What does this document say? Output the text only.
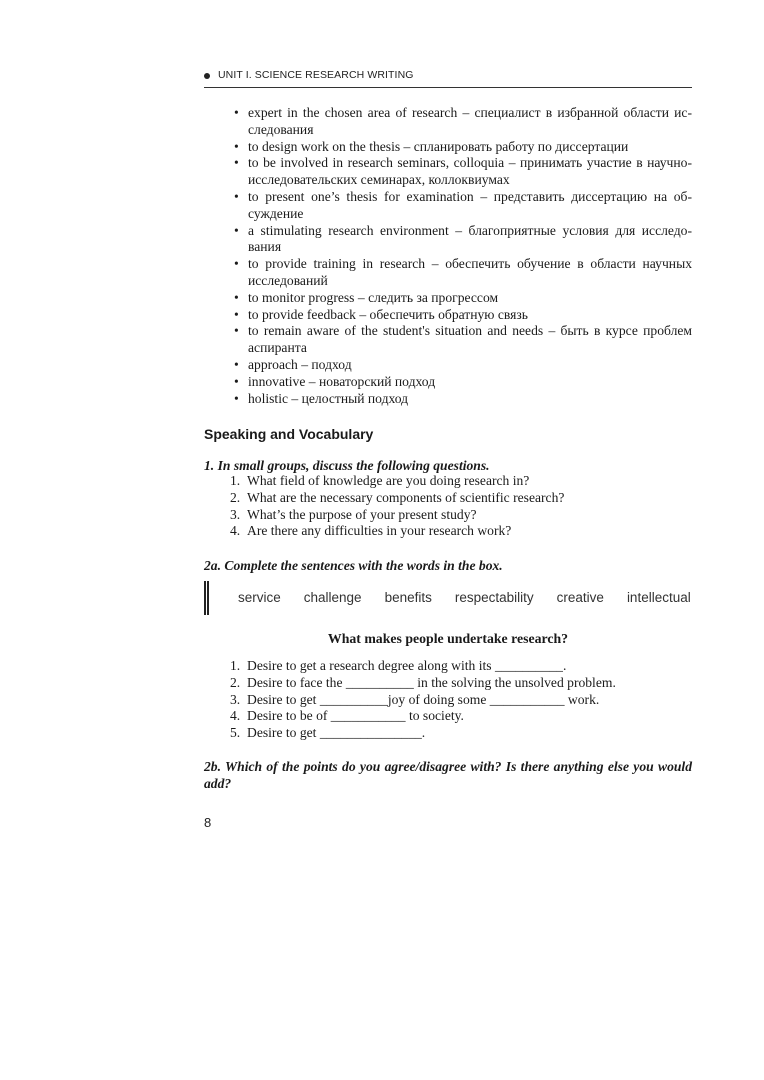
UNIT I. SCIENCE RESEARCH WRITING
• expert in the chosen area of research – специалист в избранной области ис-
следования
• to design work on the thesis – спланировать работу по диссертации
• to be involved in research seminars, colloquia – принимать участие в научно-
исследовательских семинарах, коллоквиумах
• to present one’s thesis for examination – представить диссертацию на об-
суждение
• a stimulating research environment – благоприятные условия для исследо-
вания
• to provide training in research – обеспечить обучение в области научных
исследований
• to monitor progress – следить за прогрессом
• to provide feedback – обеспечить обратную связь
• to remain aware of the student's situation and needs – быть в курсе проблем
аспиранта
• approach – подход
• innovative – новаторский подход
• holistic – целостный подход
Speaking and Vocabulary
1. In small groups, discuss the following questions.
1. What field of knowledge are you doing research in?
2. What are the necessary components of scientific research?
3. What’s the purpose of your present study?
4. Are there any difficulties in your research work?
2a. Complete the sentences with the words in the box.
service challenge benefits respectability creative intellectual
What makes people undertake research?
1. Desire to get a research degree along with its __________.
2. Desire to face the __________ in the solving the unsolved problem.
3. Desire to get __________joy of doing some ___________ work.
4. Desire to be of ___________ to society.
5. Desire to get _______________.
2b. Which of the points do you agree/disagree with? Is there anything else you would add?
8
